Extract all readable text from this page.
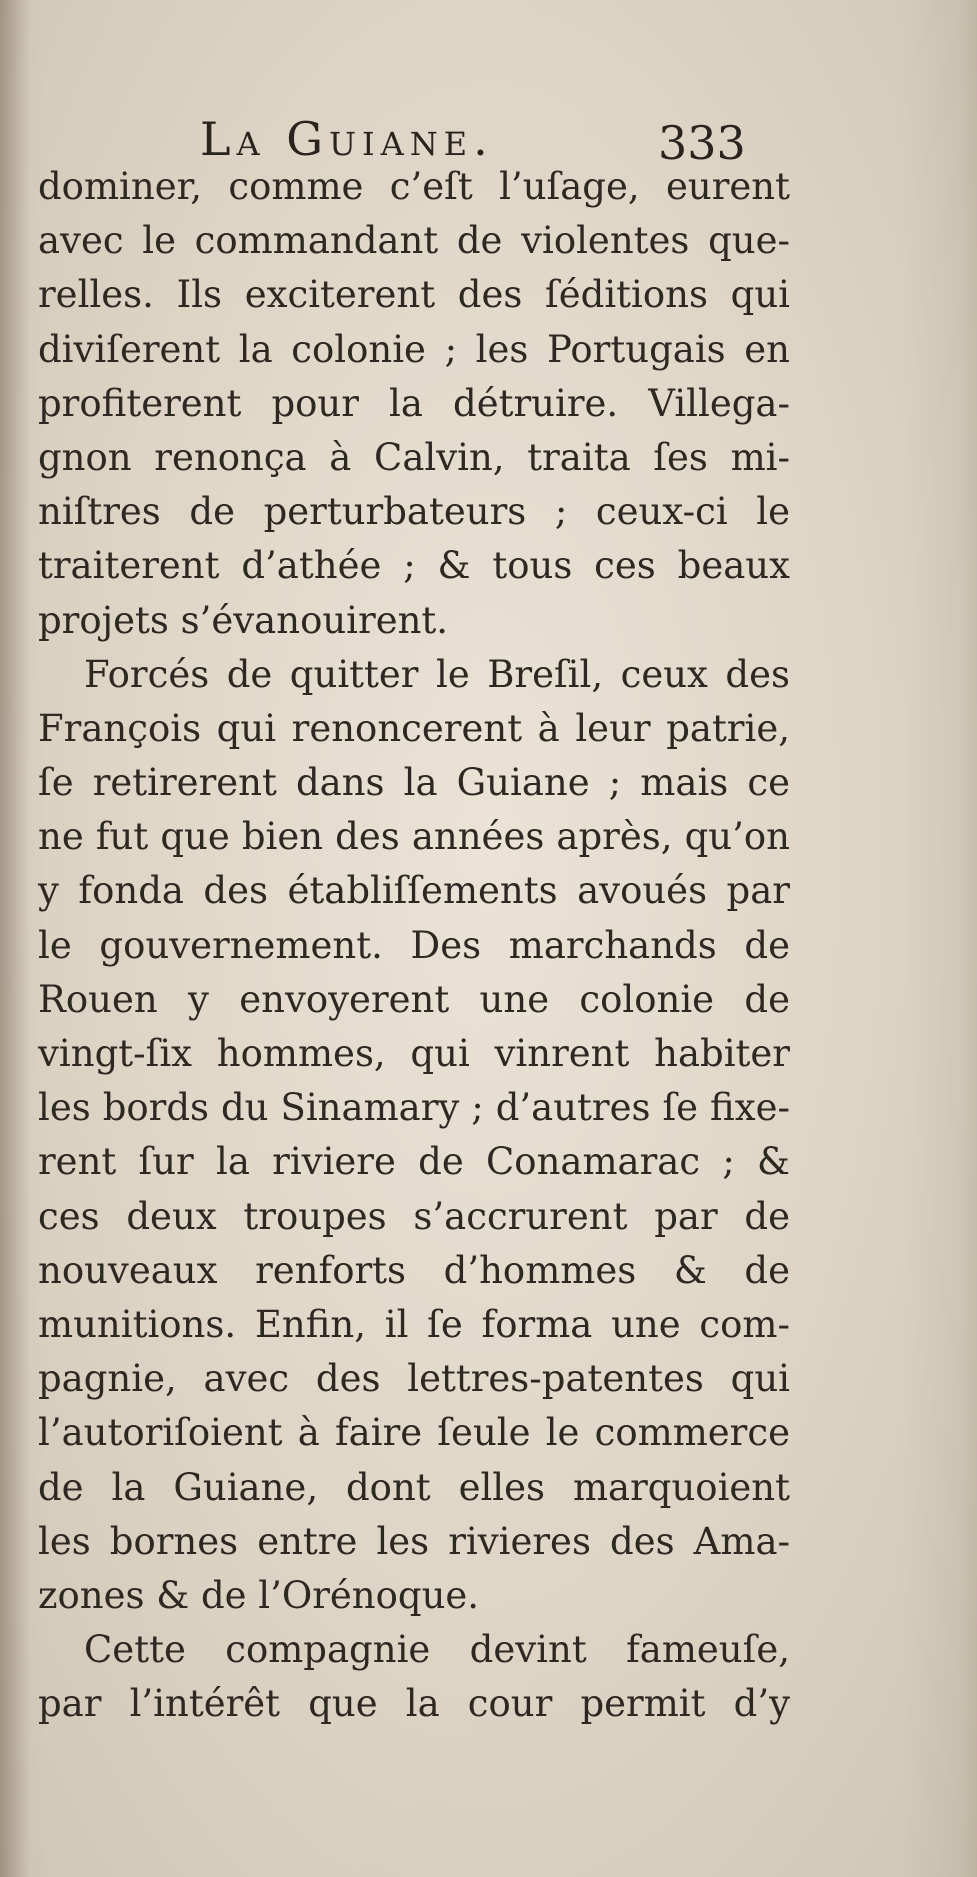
La Guiane.	333
dominer, comme c’eſt l’uſage, eurent
avec le commandant de violentes que-
relles. Ils exciterent des ſéditions qui
diviſerent la colonie ; les Portugais en
profiterent pour la détruire. Villega-
gnon renonça à Calvin, traita ſes mi-
niſtres de perturbateurs ; ceux-ci le
traiterent d’athée ; & tous ces beaux
projets s’évanouirent.
Forcés de quitter le Breſil, ceux des
François qui renoncerent à leur patrie,
ſe retirerent dans la Guiane ; mais ce
ne fut que bien des années après, qu’on
y fonda des établiſſements avoués par
le gouvernement. Des marchands de
Rouen y envoyerent une colonie de
vingt-ſix hommes, qui vinrent habiter
les bords du Sinamary ; d’autres ſe fixe-
rent ſur la riviere de Conamarac ; &
ces deux troupes s’accrurent par de
nouveaux renforts d’hommes & de
munitions. Enfin, il ſe forma une com-
pagnie, avec des lettres-patentes qui
l’autoriſoient à faire ſeule le commerce
de la Guiane, dont elles marquoient
les bornes entre les rivieres des Ama-
zones & de l’Orénoque.
Cette compagnie devint fameuſe,
par l’intérêt que la cour permit d’y
